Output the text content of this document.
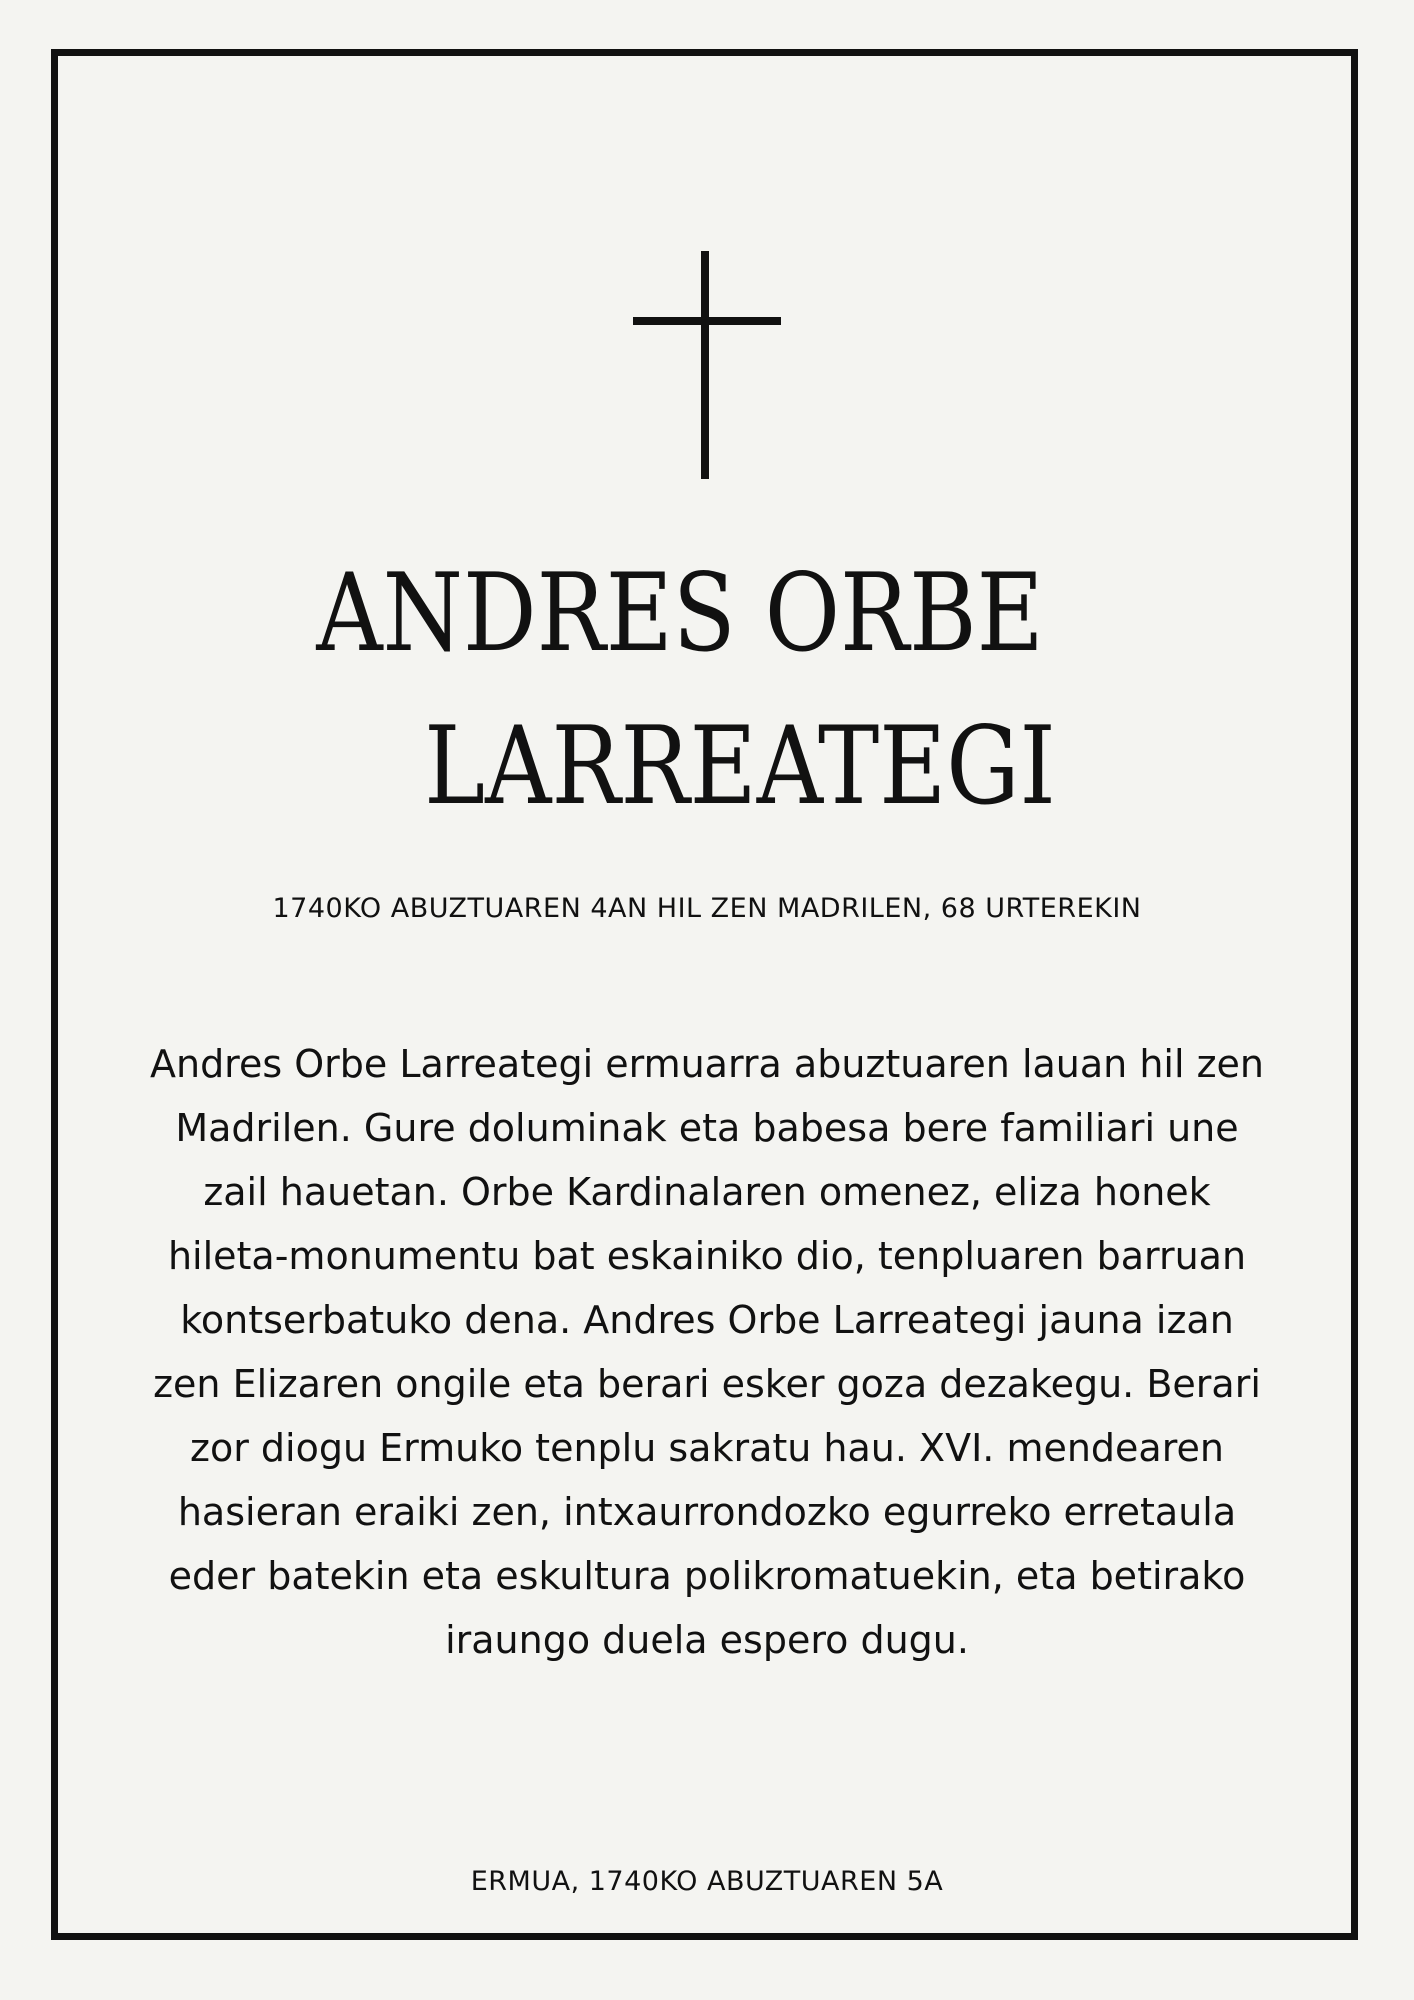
ANDRES ORBE
LARREATEGI
1740KO ABUZTUAREN 4AN HIL ZEN MADRILEN, 68 URTEREKIN

Andres Orbe Larreategi ermuarra abuztuaren lauan hil zen
Madrilen. Gure doluminak eta babesa bere familiari une
zail hauetan. Orbe Kardinalaren omenez, eliza honek
hileta-monumentu bat eskainiko dio, tenpluaren barruan
kontserbatuko dena. Andres Orbe Larreategi jauna izan
zen Elizaren ongile eta berari esker goza dezakegu. Berari
zor diogu Ermuko tenplu sakratu hau. XVI. mendearen
hasieran eraiki zen, intxaurrondozko egurreko erretaula
eder batekin eta eskultura polikromatuekin, eta betirako
iraungo duela espero dugu.

ERMUA, 1740KO ABUZTUAREN 5A
